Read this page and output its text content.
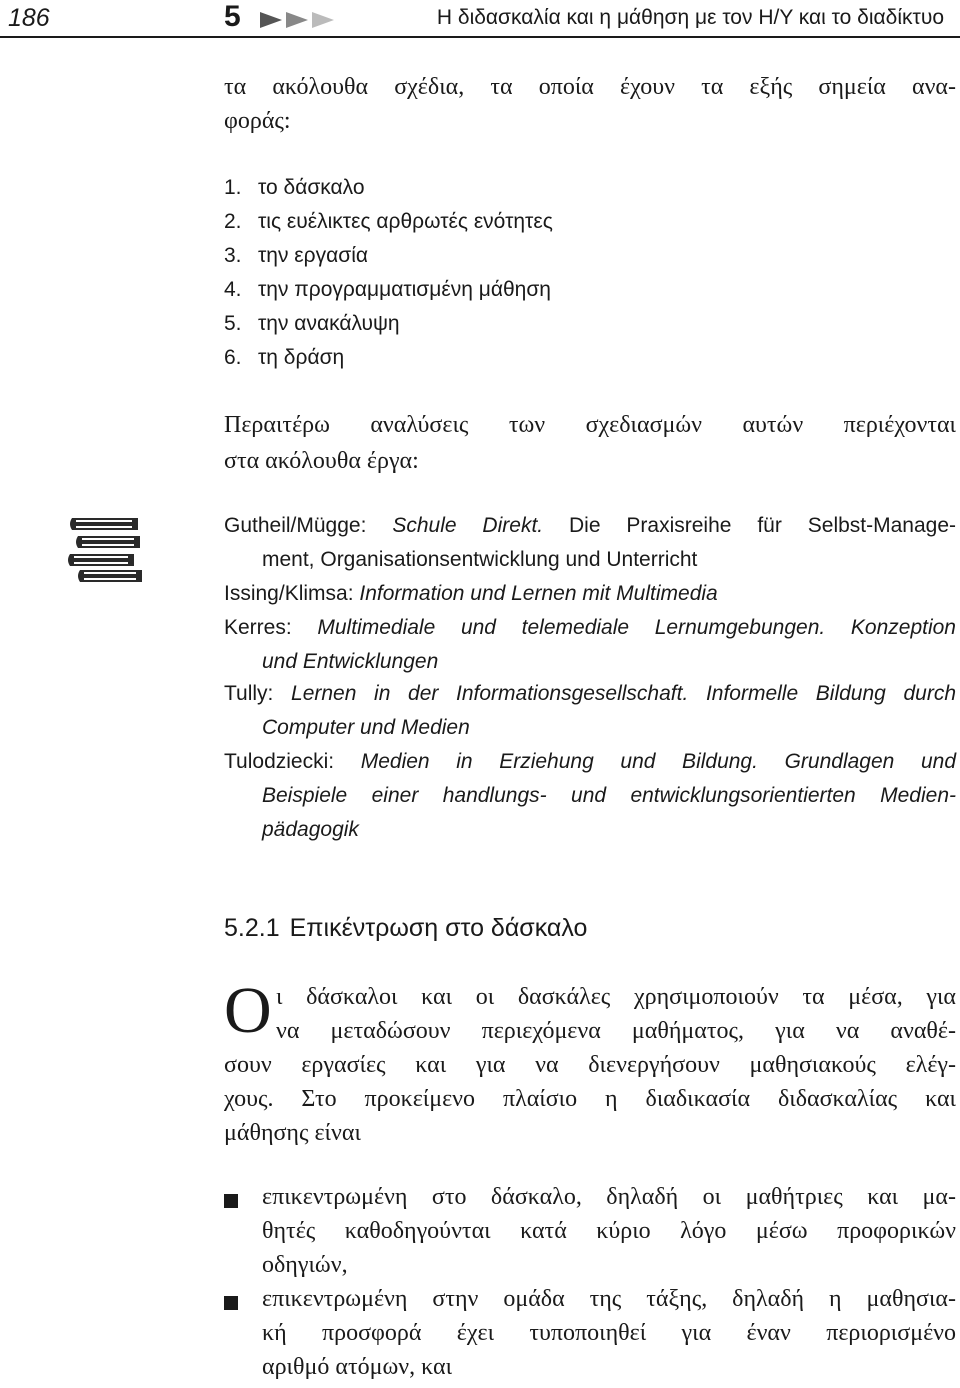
186	5	Η διδασκαλία και η μάθηση με τον Η/Υ και το διαδίκτυο
τα ακόλουθα σχέδια, τα οποία έχουν τα εξής σημεία ανα-
φοράς:
1. το δάσκαλο
2. τις ευέλικτες αρθρωτές ενότητες
3. την εργασία
4. την προγραμματισμένη μάθηση
5. την ανακάλυψη
6. τη δράση
Περαιτέρω αναλύσεις των σχεδιασμών αυτών περιέχονται
στα ακόλουθα έργα:
Gutheil/Mügge: Schule Direkt. Die Praxisreihe für Selbst-Manage-
ment, Organisationsentwicklung und Unterricht
Issing/Klimsa: Information und Lernen mit Multimedia
Kerres: Multimediale und telemediale Lernumgebungen. Konzeption
und Entwicklungen
Tully: Lernen in der Informationsgesellschaft. Informelle Bildung durch
Computer und Medien
Tulodziecki: Medien in Erziehung und Bildung. Grundlagen und
Beispiele einer handlungs- und entwicklungsorientierten Medien-
pädagogik
5.2.1 Επικέντρωση στο δάσκαλο
Ο ι δάσκαλοι και οι δασκάλες χρησιμοποιούν τα μέσα, για
να μεταδώσουν περιεχόμενα μαθήματος, για να αναθέ-
σουν εργασίες και για να διενεργήσουν μαθησιακούς ελέγ-
χους. Στο προκείμενο πλαίσιο η διαδικασία διδασκαλίας και
μάθησης είναι
επικεντρωμένη στο δάσκαλο, δηλαδή οι μαθήτριες και μα-
θητές καθοδηγούνται κατά κύριο λόγο μέσω προφορικών
οδηγιών,
επικεντρωμένη στην ομάδα της τάξης, δηλαδή η μαθησια-
κή προσφορά έχει τυποποιηθεί για έναν περιορισμένο
αριθμό ατόμων, και
